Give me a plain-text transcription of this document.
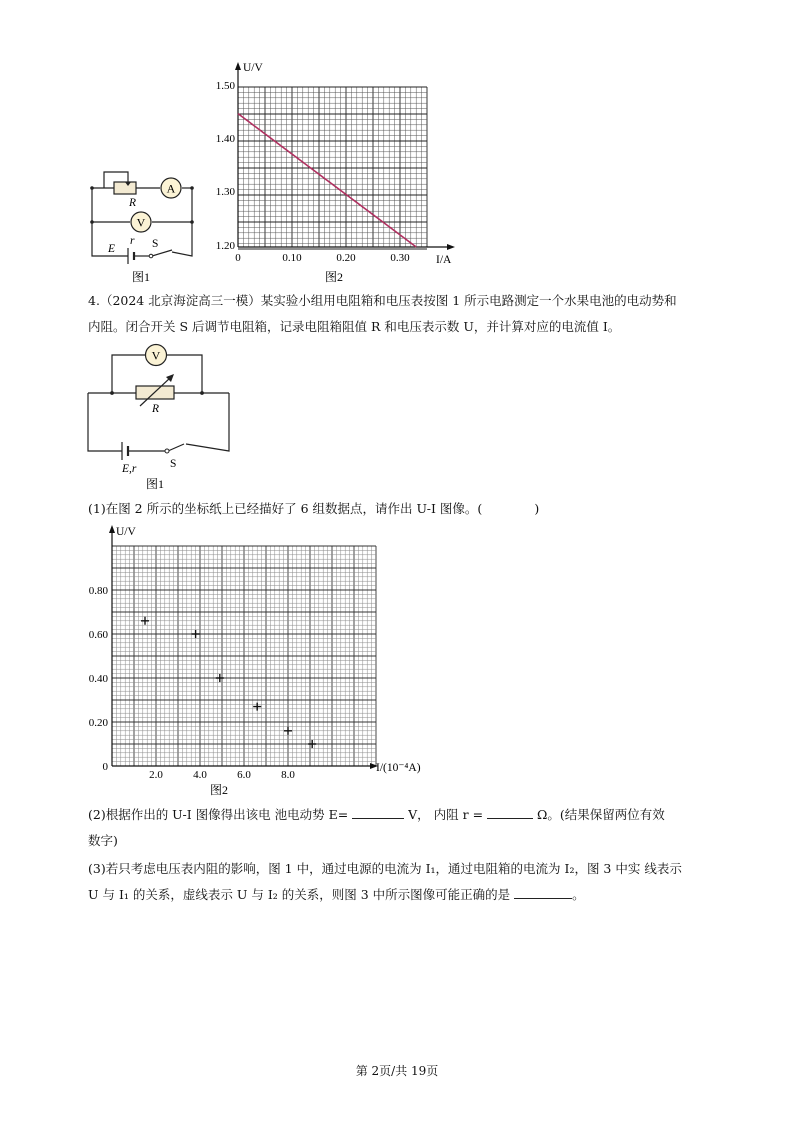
A
V
R
E
r S
图1
U/V
I/A
1.50
1.40
1.30
1.20
0	0.10	0.20	0.30
图2
4.（2024 北京海淀高三一模）某实验小组用电阻箱和电压表按图 1 所示电路测定一个水果电池的电动势和
内阻。闭合开关 S 后调节电阻箱，记录电阻箱阻值 R 和电压表示数 U，并计算对应的电流值 I。
V
R
E,r	S
图1
(1)在图 2 所示的坐标纸上已经描好了 6 组数据点，请作出 U-I 图像。(	)
U/V
I/(10⁻⁴A)
0.80
0.60
0.40
0.20
0
2.0	4.0	6.0	8.0
图2
(2)根据作出的 U-I 图像得出该电 池电动势 E=	V， 内阻 r =	Ω。(结果保留两位有效
数字)
(3)若只考虑电压表内阻的影响，图 1 中，通过电源的电流为 I₁，通过电阻箱的电流为 I₂，图 3 中实 线表示
U 与 I₁ 的关系，虚线表示 U 与 I₂ 的关系，则图 3 中所示图像可能正确的是	。
第 2页/共 19页
